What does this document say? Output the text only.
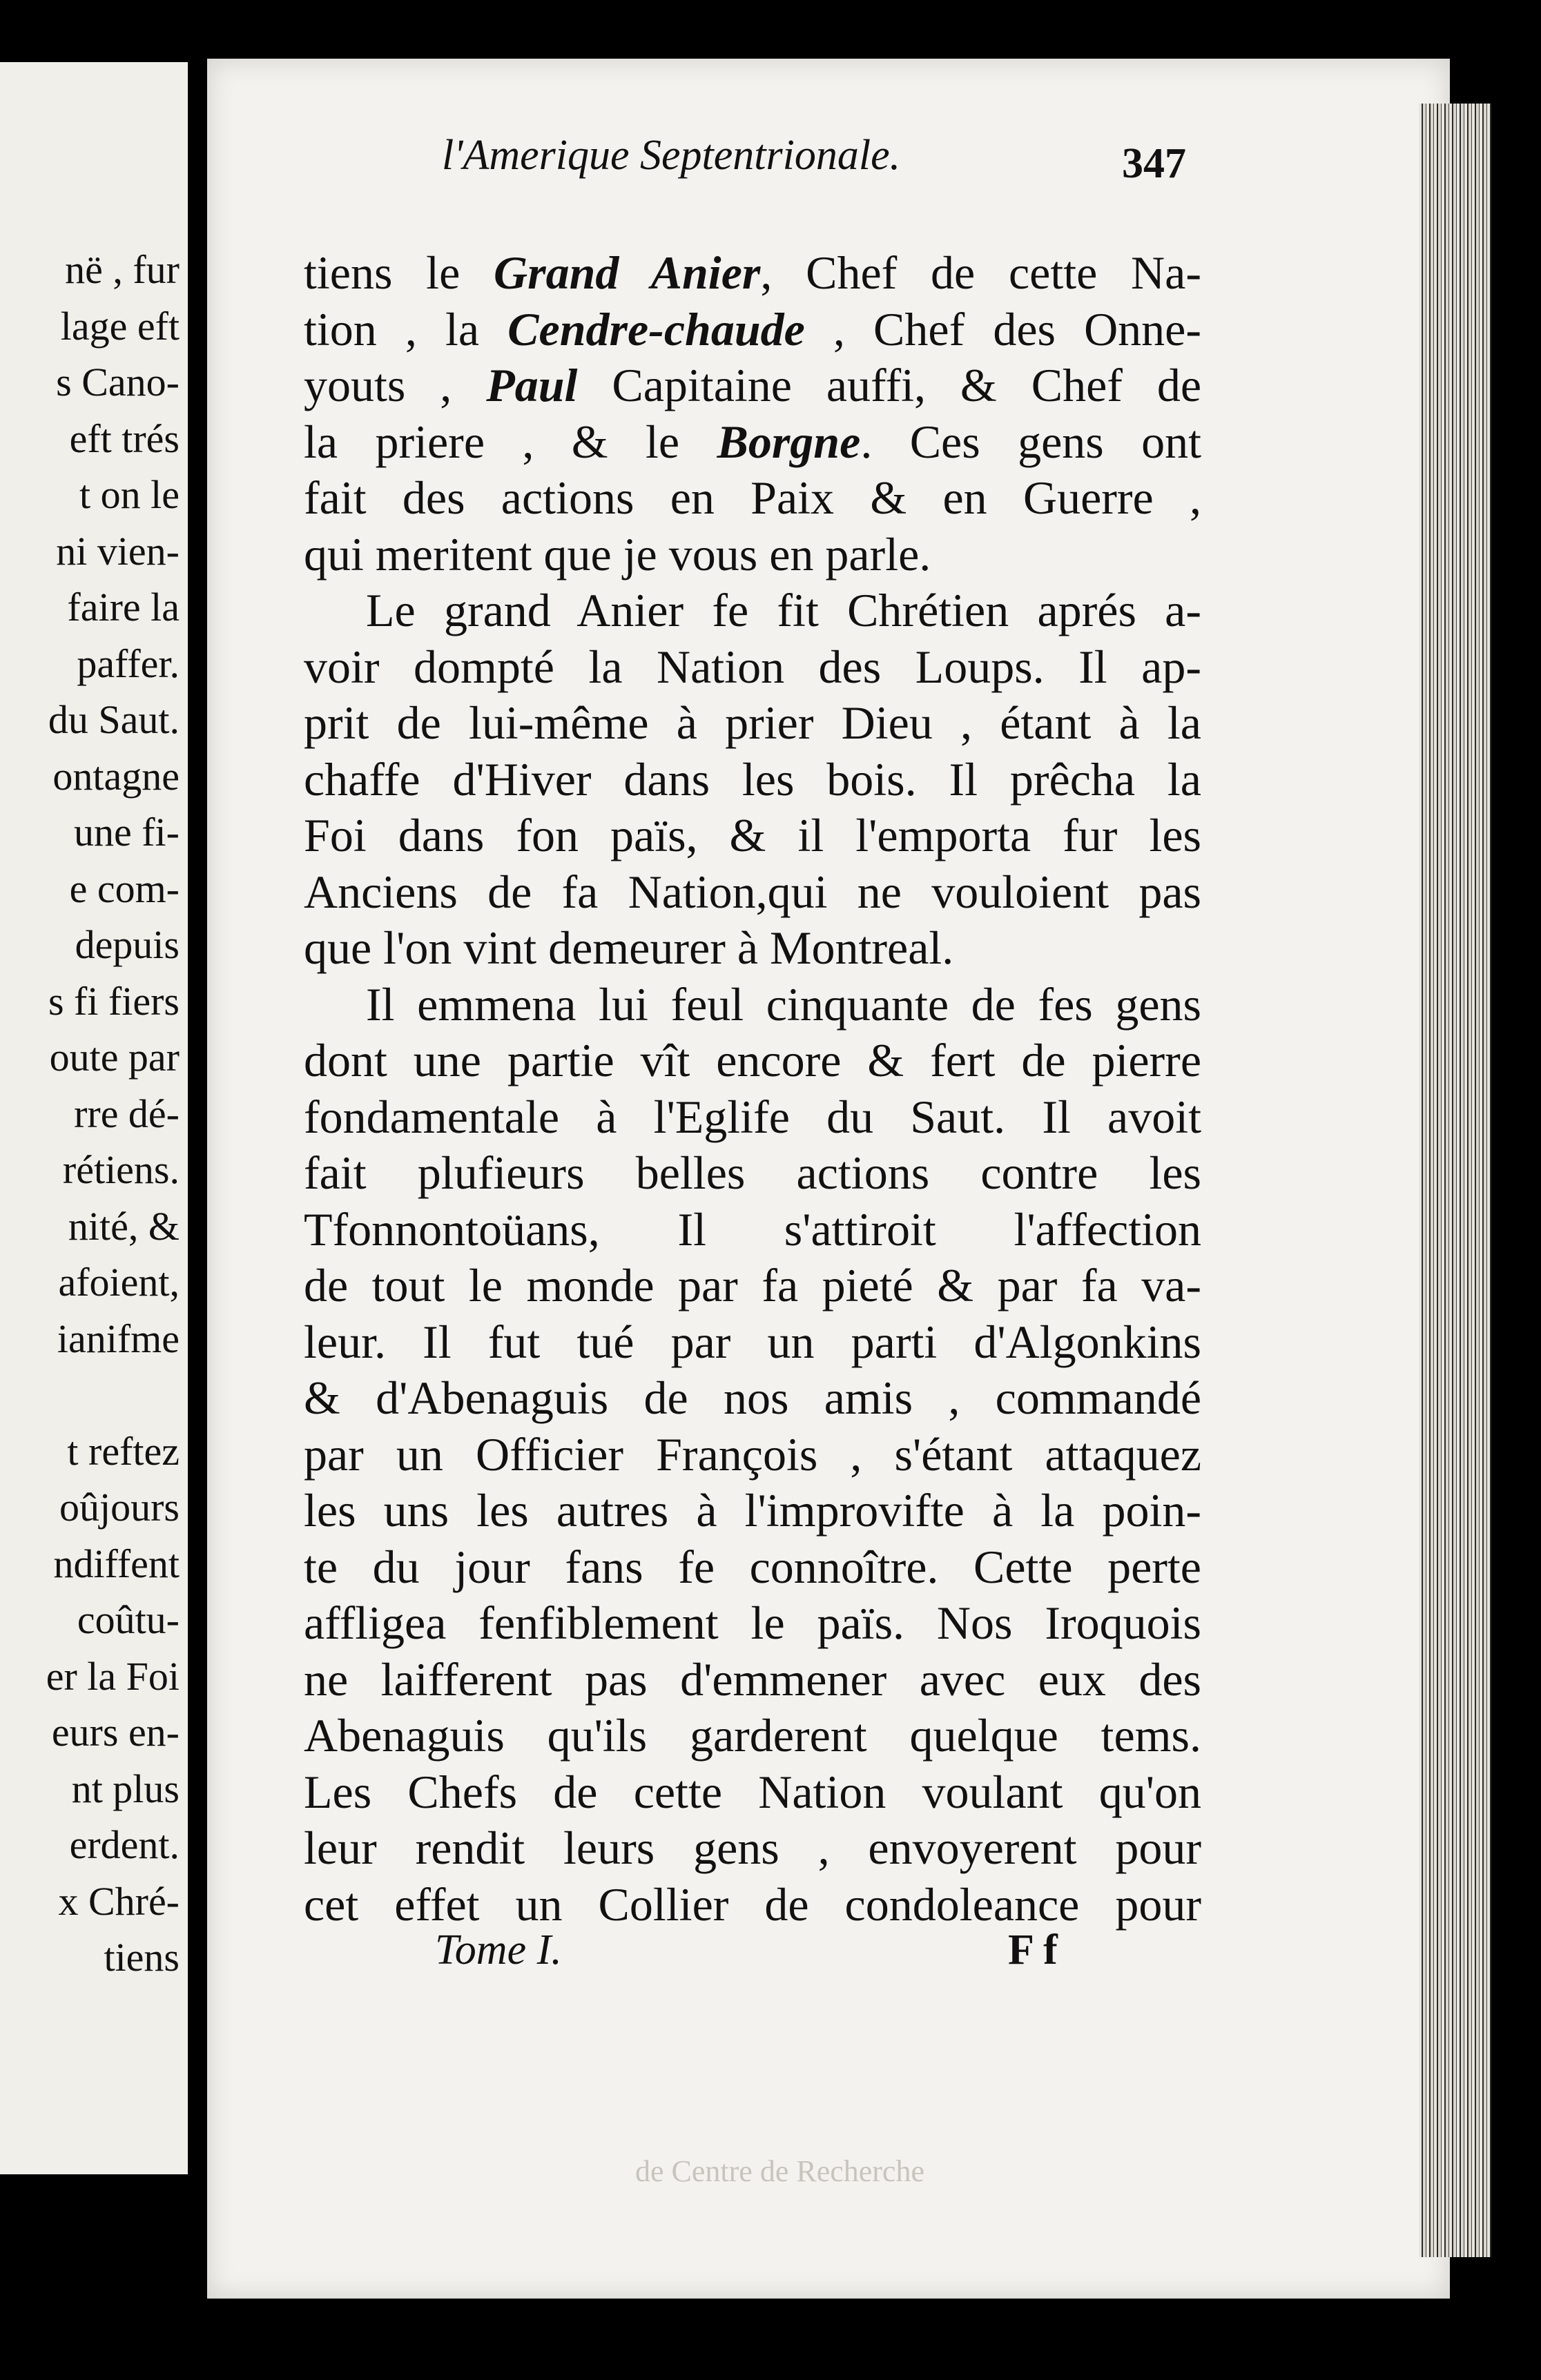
në , fur
lage eft
s Cano-
eft trés
t on le
ni vien-
faire la
paffer.
du Saut.
ontagne
une fi-
e com-
depuis
s fi fiers
oute par
rre dé-
rétiens.
nité, &
afoient,
ianifme

t reftez
oûjours
ndiffent
coûtu-
er la Foi
eurs en-
nt plus
erdent.
x Chré-
tiens
l'Amerique Septentrionale.	347
tiens le Grand Anier, Chef de cette Na-
tion , la Cendre-chaude , Chef des Onne-
youts , Paul Capitaine auffi, & Chef de
la priere , & le Borgne. Ces gens ont
fait des actions en Paix & en Guerre ,
qui meritent que je vous en parle.
Le grand Anier fe fit Chrétien aprés a-
voir dompté la Nation des Loups. Il ap-
prit de lui-même à prier Dieu , étant à la
chaffe d'Hiver dans les bois. Il prêcha la
Foi dans fon païs, & il l'emporta fur les
Anciens de fa Nation,qui ne vouloient pas
que l'on vint demeurer à Montreal.
Il emmena lui feul cinquante de fes gens
dont une partie vît encore & fert de pierre
fondamentale à l'Eglife du Saut. Il avoit
fait plufieurs belles actions contre les
Tfonnontoüans, Il s'attiroit l'affection
de tout le monde par fa pieté & par fa va-
leur. Il fut tué par un parti d'Algonkins
& d'Abenaguis de nos amis , commandé
par un Officier François , s'étant attaquez
les uns les autres à l'improvifte à la poin-
te du jour fans fe connoître. Cette perte
affligea fenfiblement le païs. Nos Iroquois
ne laifferent pas d'emmener avec eux des
Abenaguis qu'ils garderent quelque tems.
Les Chefs de cette Nation voulant qu'on
leur rendit leurs gens , envoyerent pour
cet effet un Collier de condoleance pour
Tome I.	F f
de Centre de Recherche
